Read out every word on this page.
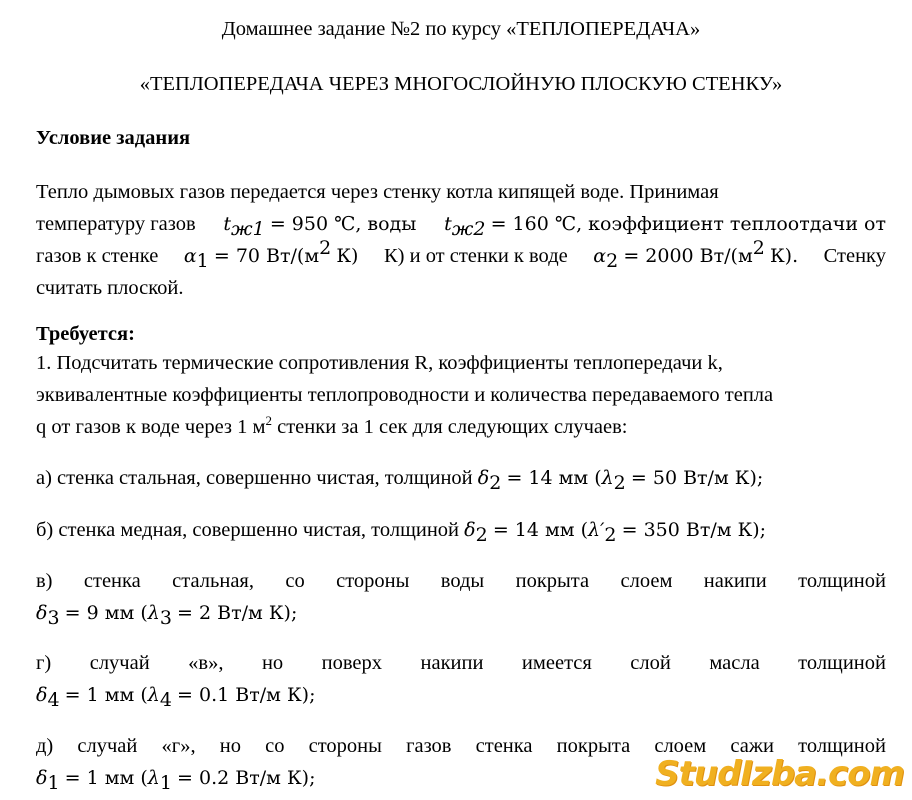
Домашнее задание №2 по курсу «ТЕПЛОПЕРЕДАЧА»
«ТЕПЛОПЕРЕДАЧА ЧЕРЕЗ МНОГОСЛОЙНУЮ ПЛОСКУЮ СТЕНКУ»
Условие задания
Тепло дымовых газов передается через стенку котла кипящей воде. Принимая
температуру газов $t_{ж1} = 950$ ℃, воды $t_{ж2} = 160$ ℃, коэффициент теплоотдачи от
газов к стенке $\alpha_1 = 70$ $Вт/(м^2$ К) К) и от стенки к воде $\alpha_2 = 2000$ $Вт/(м^2$ К). Стенку
считать плоской.
Требуется:
1. Подсчитать термические сопротивления R, коэффициенты теплопередачи k,
эквивалентные коэффициенты теплопроводности и количества передаваемого тепла
q от газов к воде через 1 $м^2$ стенки за 1 сек для следующих случаев:
а) стенка стальная, совершенно чистая, толщиной $\delta_2 = 14$ мм ($\lambda_2 = 50$ Вт/м К);
б) стенка медная, совершенно чистая, толщиной $\delta_2 = 14$ мм ($\lambda'_2 = 350$ Вт/м К);
в) стенка стальная, со стороны воды покрыта слоем накипи толщиной
$\delta_3 = 9$ мм ($\lambda_3 = 2$ Вт/м К);
г) случай «в», но поверх накипи имеется слой масла толщиной
$\delta_4 = 1$ мм ($\lambda_4 = 0.1$ Вт/м К);
д) случай «г», но со стороны газов стенка покрыта слоем сажи толщиной
$\delta_1 = 1$ мм ($\lambda_1 = 0.2$ Вт/м К);	StudIzba.com
